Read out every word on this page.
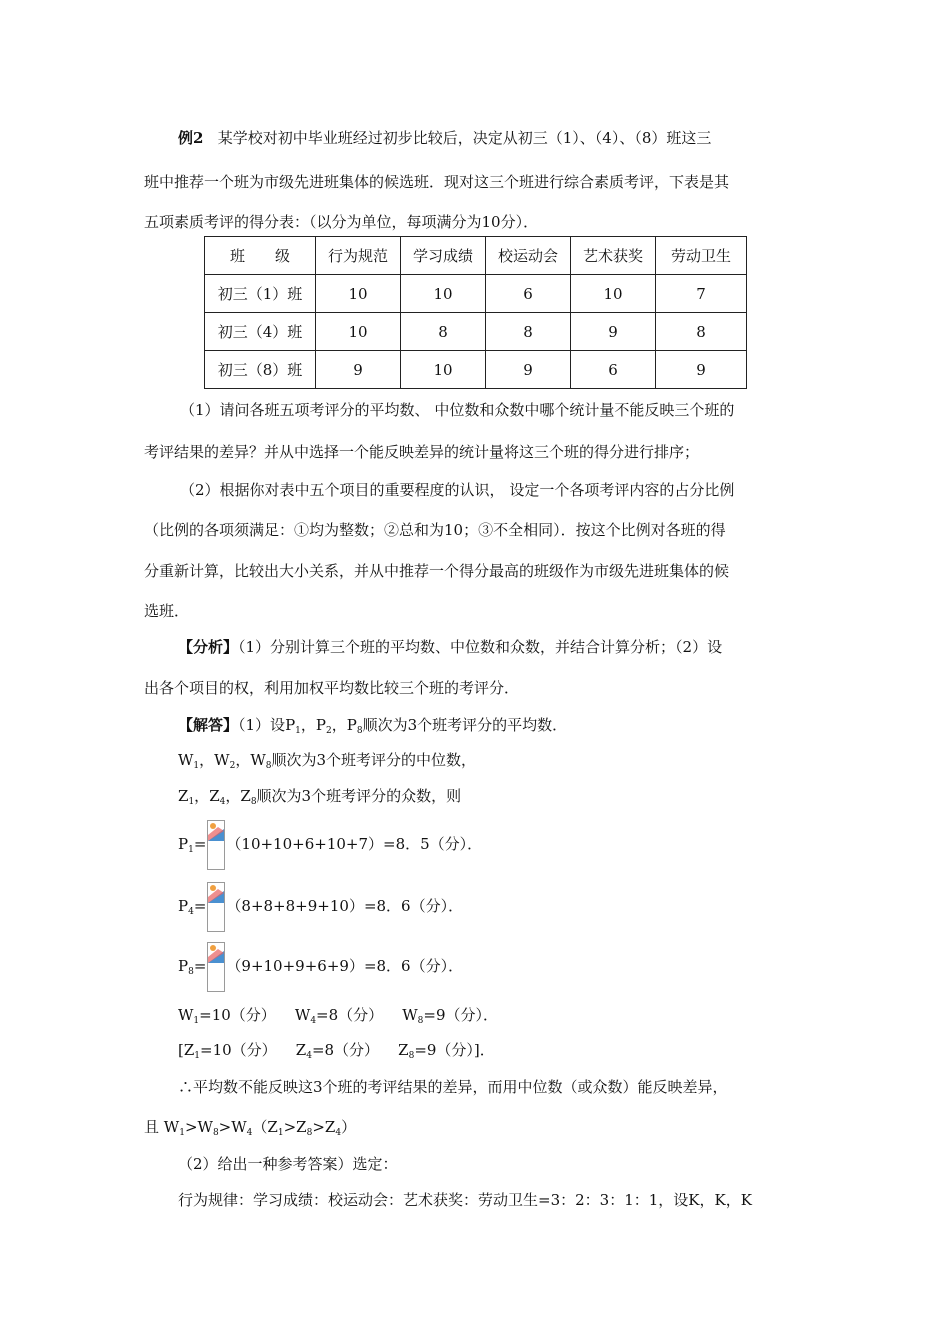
例2 某学校对初中毕业班经过初步比较后，决定从初三（1）、（4）、（8）班这三
班中推荐一个班为市级先进班集体的候选班．现对这三个班进行综合素质考评，下表是其
五项素质考评的得分表：（以分为单位，每项满分为10分）．
班　　级	行为规范	学习成绩	校运动会	艺术获奖	劳动卫生
初三（1）班	10	10	6	10	7
初三（4）班	10	8	8	9	8
初三（8）班	9	10	9	6	9
（1）请问各班五项考评分的平均数、 中位数和众数中哪个统计量不能反映三个班的
考评结果的差异？并从中选择一个能反映差异的统计量将这三个班的得分进行排序；
（2）根据你对表中五个项目的重要程度的认识， 设定一个各项考评内容的占分比例
（比例的各项须满足：①均为整数；②总和为10；③不全相同）．按这个比例对各班的得
分重新计算，比较出大小关系，并从中推荐一个得分最高的班级作为市级先进班集体的候
选班．
【分析】（1）分别计算三个班的平均数、中位数和众数，并结合计算分析；（2）设
出各个项目的权，利用加权平均数比较三个班的考评分．
【解答】（1）设$P_1$，$P_2$，$P_8$顺次为3个班考评分的平均数．
$W_1$，$W_2$，$W_8$顺次为3个班考评分的中位数，
$Z_1$，$Z_4$，$Z_8$顺次为3个班考评分的众数，则
$P_1= (10+10+6+10+7)=8$．5（分）．
$P_4= (8+8+8+9+10)=8$．6（分）．
$P_8= (9+10+9+6+9)=8$．6（分）．
$W_1=10$（分） $W_4=8$（分） $W_8=9$（分）．
[$Z_1=10$（分） $Z_4=8$（分） $Z_8=9$（分）]．
∴平均数不能反映这3个班的考评结果的差异，而用中位数（或众数）能反映差异，
且 $W_1>W_8>W_4(Z_1>Z_8>Z_4)$
（2）给出一种参考答案）选定：
行为规律：学习成绩：校运动会：艺术获奖：劳动卫生=3：2：3：1：1，设K，K，K
